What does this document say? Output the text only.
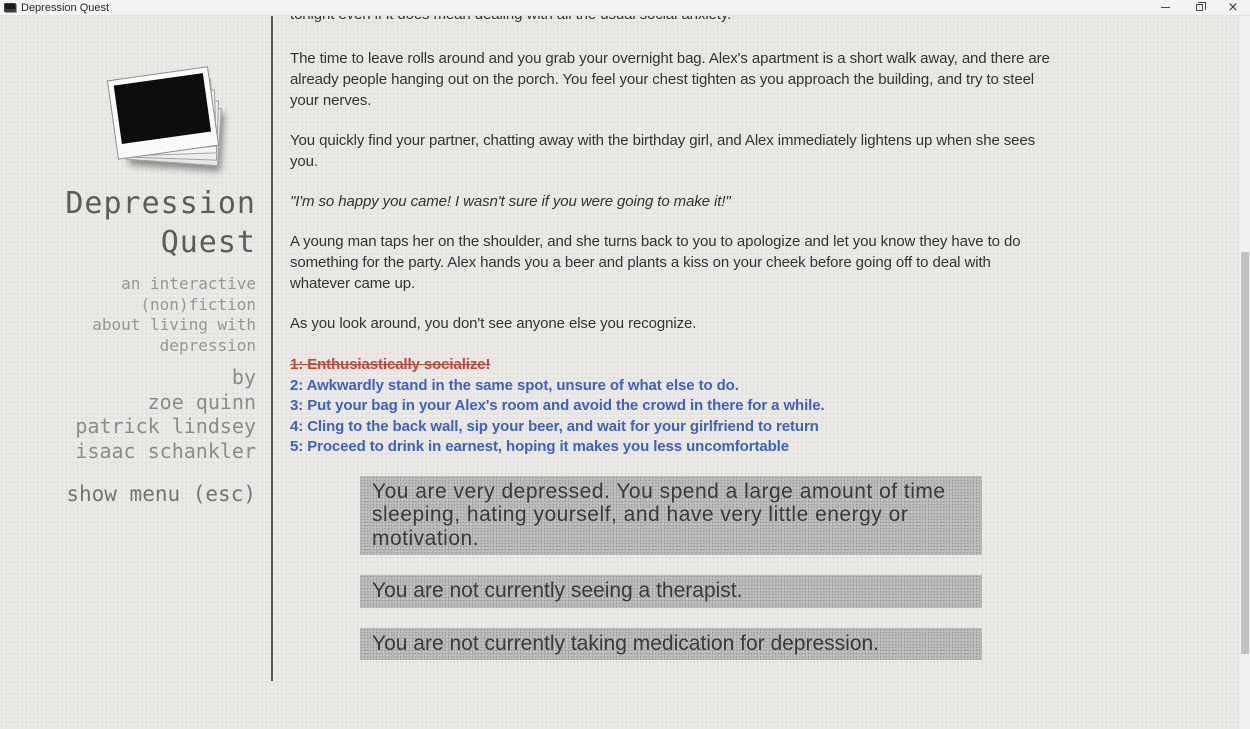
Depression Quest	×
Depression
Quest
an interactive
(non)fiction
about living with
depression
by
zoe quinn
patrick lindsey
isaac schankler
show menu (esc)

The time to leave rolls around and you grab your overnight bag. Alex's apartment is a short walk away, and there are already people hanging out on the porch. You feel your chest tighten as you approach the building, and try to steel your nerves.

You quickly find your partner, chatting away with the birthday girl, and Alex immediately lightens up when she sees you.

"I'm so happy you came! I wasn't sure if you were going to make it!"

A young man taps her on the shoulder, and she turns back to you to apologize and let you know they have to do something for the party. Alex hands you a beer and plants a kiss on your cheek before going off to deal with whatever came up.

As you look around, you don't see anyone else you recognize.

1: Enthusiastically socialize!
2: Awkwardly stand in the same spot, unsure of what else to do.
3: Put your bag in your Alex's room and avoid the crowd in there for a while.
4: Cling to the back wall, sip your beer, and wait for your girlfriend to return
5: Proceed to drink in earnest, hoping it makes you less uncomfortable
You are very depressed. You spend a large amount of time sleeping, hating yourself, and have very little energy or motivation.
You are not currently seeing a therapist.
You are not currently taking medication for depression.
